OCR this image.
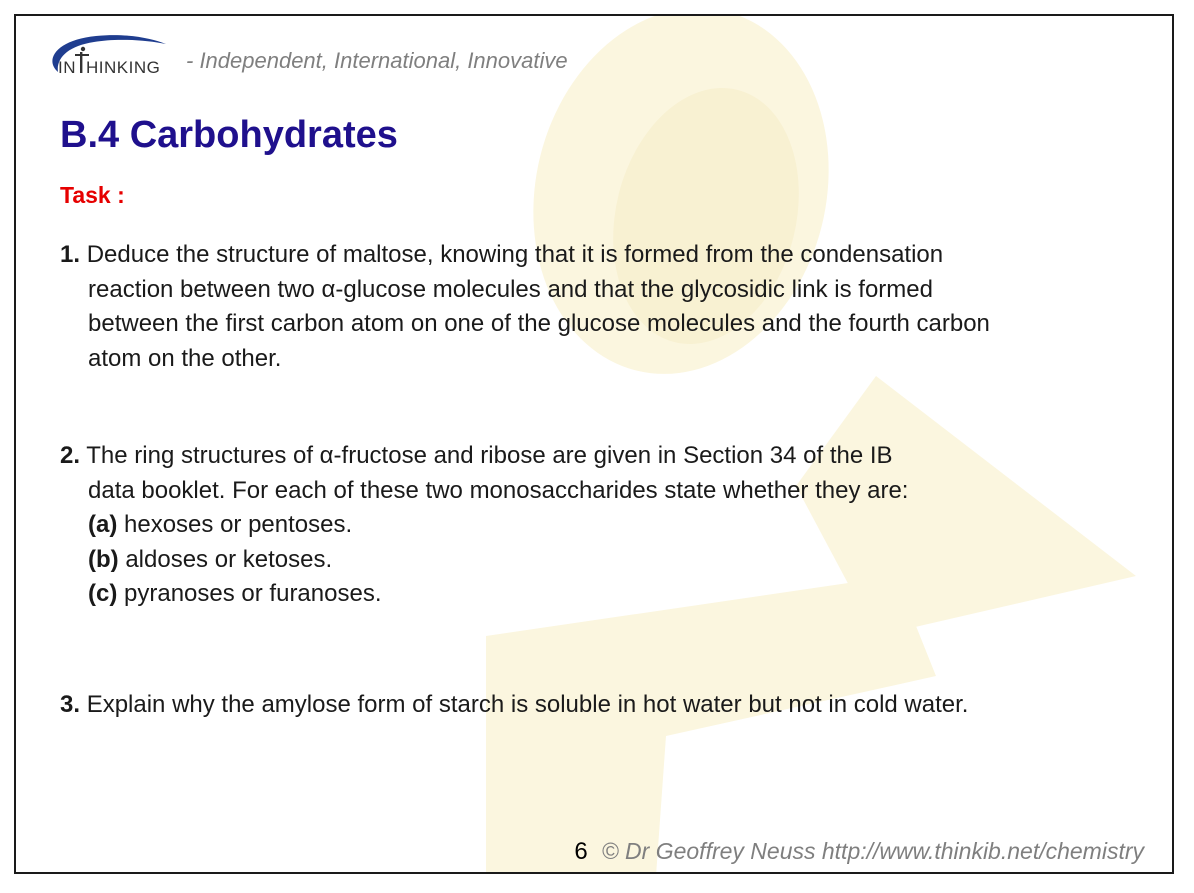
IN HINKING - Independent, International, Innovative
B.4 Carbohydrates
Task :

1. Deduce the structure of maltose, knowing that it is formed from the condensation

reaction between two α-glucose molecules and that the glycosidic link is formed

between the first carbon atom on one of the glucose molecules and the fourth carbon

atom on the other.

2. The ring structures of α-fructose and ribose are given in Section 34 of the IB

data booklet. For each of these two monosaccharides state whether they are:

(a) hexoses or pentoses.

(b) aldoses or ketoses.

(c) pyranoses or furanoses.

3. Explain why the amylose form of starch is soluble in hot water but not in cold water.

6 © Dr Geoffrey Neuss http://www.thinkib.net/chemistry
